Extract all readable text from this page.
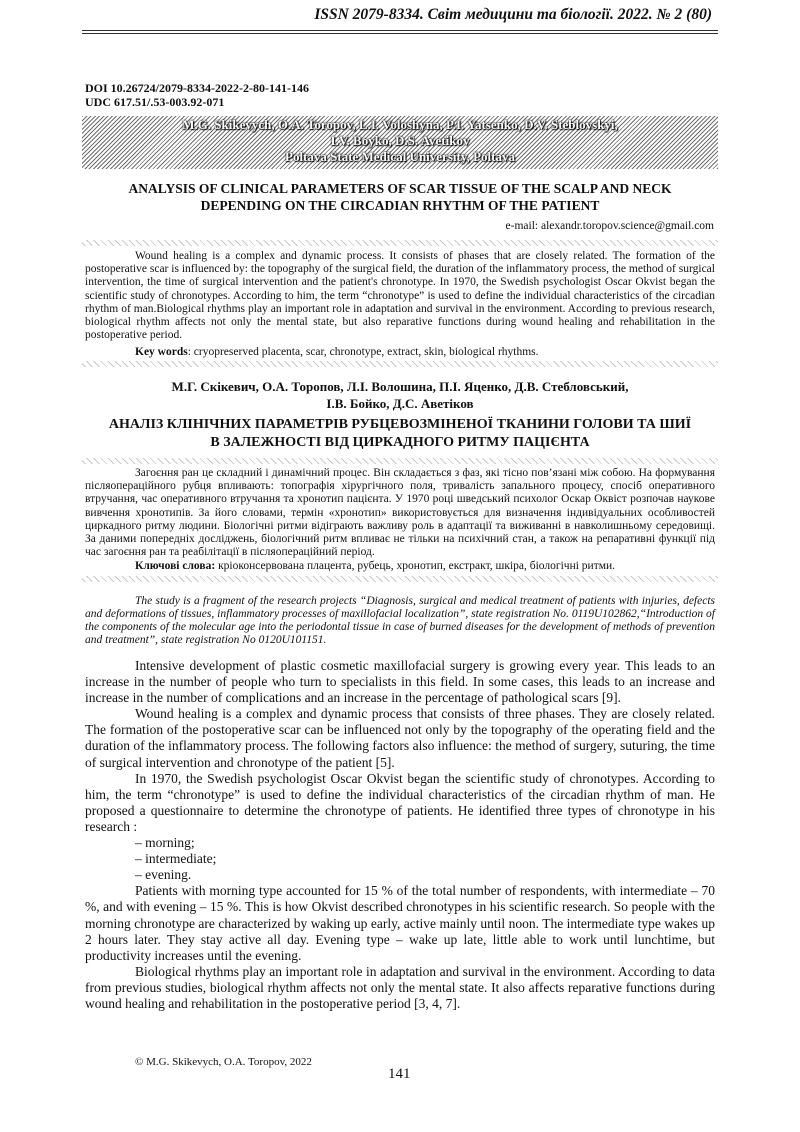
ISSN 2079-8334. Світ медицини та біології. 2022. № 2 (80)
DOI 10.26724/2079-8334-2022-2-80-141-146
UDC 617.51/.53-003.92-071
M.G. Skikevych, O.A. Toropov, L.I. Voloshyna, P.I. Yatsenko, D.V. Steblovskyi,
I.V. Boyko, D.S. Avetikov
Poltava State Medical University, Poltava
ANALYSIS OF CLINICAL PARAMETERS OF SCAR TISSUE OF THE SCALP AND NECK
DEPENDING ON THE CIRCADIAN RHYTHM OF THE PATIENT
e-mail: alexandr.toropov.science@gmail.com
Wound healing is a complex and dynamic process. It consists of phases that are closely related. The formation of the postoperative scar is influenced by: the topography of the surgical field, the duration of the inflammatory process, the method of surgical intervention, the time of surgical intervention and the patient's chronotype. In 1970, the Swedish psychologist Oscar Okvist began the scientific study of chronotypes. According to him, the term “chronotype” is used to define the individual characteristics of the circadian rhythm of man.Biological rhythms play an important role in adaptation and survival in the environment. According to previous research, biological rhythm affects not only the mental state, but also reparative functions during wound healing and rehabilitation in the postoperative period.
Key words: cryopreserved placenta, scar, chronotype, extract, skin, biological rhythms.
М.Г. Скікевич, О.А. Торопов, Л.І. Волошина, П.І. Яценко, Д.В. Стебловський,
І.В. Бойко, Д.С. Аветіков
АНАЛІЗ КЛІНІЧНИХ ПАРАМЕТРІВ РУБЦЕВОЗМІНЕНОЇ ТКАНИНИ ГОЛОВИ ТА ШИЇ
В ЗАЛЕЖНОСТІ ВІД ЦИРКАДНОГО РИТМУ ПАЦІЄНТА
Загоєння ран це складний і динамічний процес. Він складається з фаз, які тісно пов’язані між собою. На формування післяопераційного рубця впливають: топографія хірургічного поля, тривалість запального процесу, спосіб оперативного втручання, час оперативного втручання та хронотип пацієнта. У 1970 році шведський психолог Оскар Оквіст розпочав наукове вивчення хронотипів. За його словами, термін «хронотип» використовується для визначення індивідуальних особливостей циркадного ритму людини. Біологічні ритми відіграють важливу роль в адаптації та виживанні в навколишньому середовищі. За даними попередніх досліджень, біологічний ритм впливає не тільки на психічний стан, а також на репаративні функції під час загоєння ран та реабілітації в післяопераційний період.
Ключові слова: кріоконсервована плацента, рубець, хронотип, екстракт, шкіра, біологічні ритми.
The study is a fragment of the research projects “Diagnosis, surgical and medical treatment of patients with injuries, defects and deformations of tissues, inflammatory processes of maxillofacial localization”, state registration No. 0119U102862,“Introduction of the components of the molecular age into the periodontal tissue in case of burned diseases for the development of methods of prevention and treatment”, state registration No 0120U101151.

Intensive development of plastic cosmetic maxillofacial surgery is growing every year. This leads to an increase in the number of people who turn to specialists in this field. In some cases, this leads to an increase and increase in the number of complications and an increase in the percentage of pathological scars [9].

Wound healing is a complex and dynamic process that consists of three phases. They are closely related. The formation of the postoperative scar can be influenced not only by the topography of the operating field and the duration of the inflammatory process. The following factors also influence: the method of surgery, suturing, the time of surgical intervention and chronotype of the patient [5].

In 1970, the Swedish psychologist Oscar Okvist began the scientific study of chronotypes. According to him, the term “chronotype” is used to define the individual characteristics of the circadian rhythm of man. He proposed a questionnaire to determine the chronotype of patients. He identified three types of chronotype in his research :

– morning;

– intermediate;

– evening.

Patients with morning type accounted for 15 % of the total number of respondents, with intermediate – 70 %, and with evening – 15 %. This is how Okvist described chronotypes in his scientific research. So people with the morning chronotype are characterized by waking up early, active mainly until noon. The intermediate type wakes up 2 hours later. They stay active all day. Evening type – wake up late, little able to work until lunchtime, but productivity increases until the evening.

Biological rhythms play an important role in adaptation and survival in the environment. According to data from previous studies, biological rhythm affects not only the mental state. It also affects reparative functions during wound healing and rehabilitation in the postoperative period [3, 4, 7].

© M.G. Skikevych, O.A. Toropov, 2022
141
